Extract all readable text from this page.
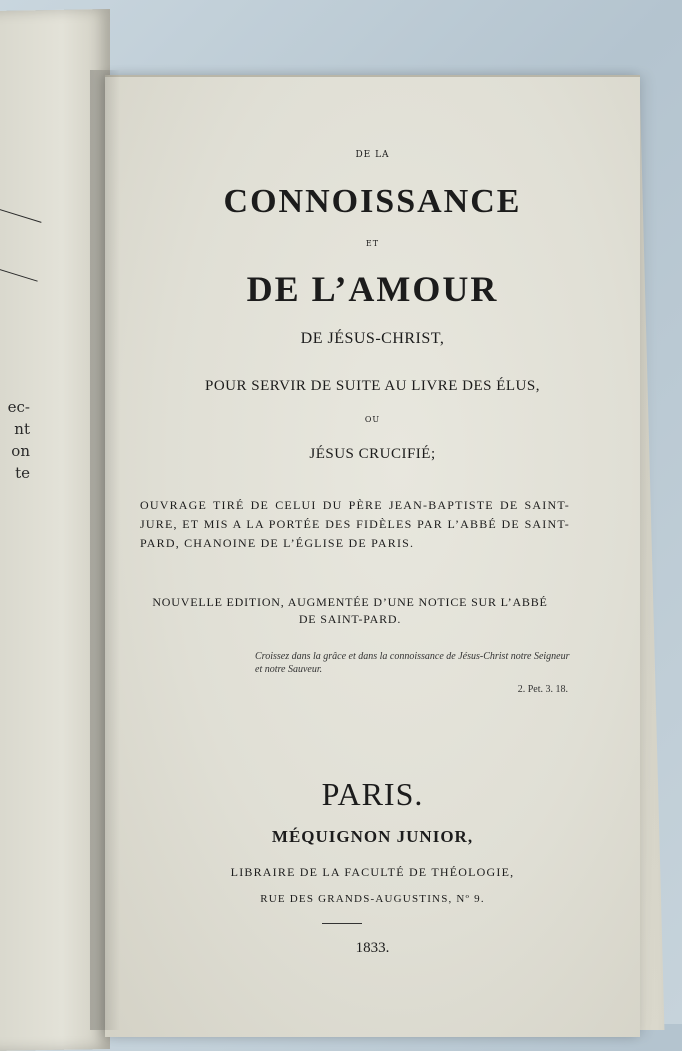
ec-
nt
on
te
DE LA
CONNOISSANCE
ET
DE L’AMOUR
DE JÉSUS-CHRIST,
POUR SERVIR DE SUITE AU LIVRE DES ÉLUS,
OU
JÉSUS CRUCIFIÉ;
OUVRAGE TIRÉ DE CELUI DU PÈRE JEAN-BAPTISTE DE SAINT-JURE, ET MIS A LA PORTÉE DES FIDÈLES PAR L’ABBÉ DE SAINT-PARD, CHANOINE DE L’ÉGLISE DE PARIS.
NOUVELLE EDITION, AUGMENTÉE D’UNE NOTICE SUR L’ABBÉ DE SAINT-PARD.
Croissez dans la grâce et dans la connoissance de Jésus-Christ notre Seigneur et notre Sauveur.
2. Pet. 3. 18.
PARIS.
MÉQUIGNON JUNIOR,
LIBRAIRE DE LA FACULTÉ DE THÉOLOGIE,
RUE DES GRANDS-AUGUSTINS, Nº 9.
1833.
